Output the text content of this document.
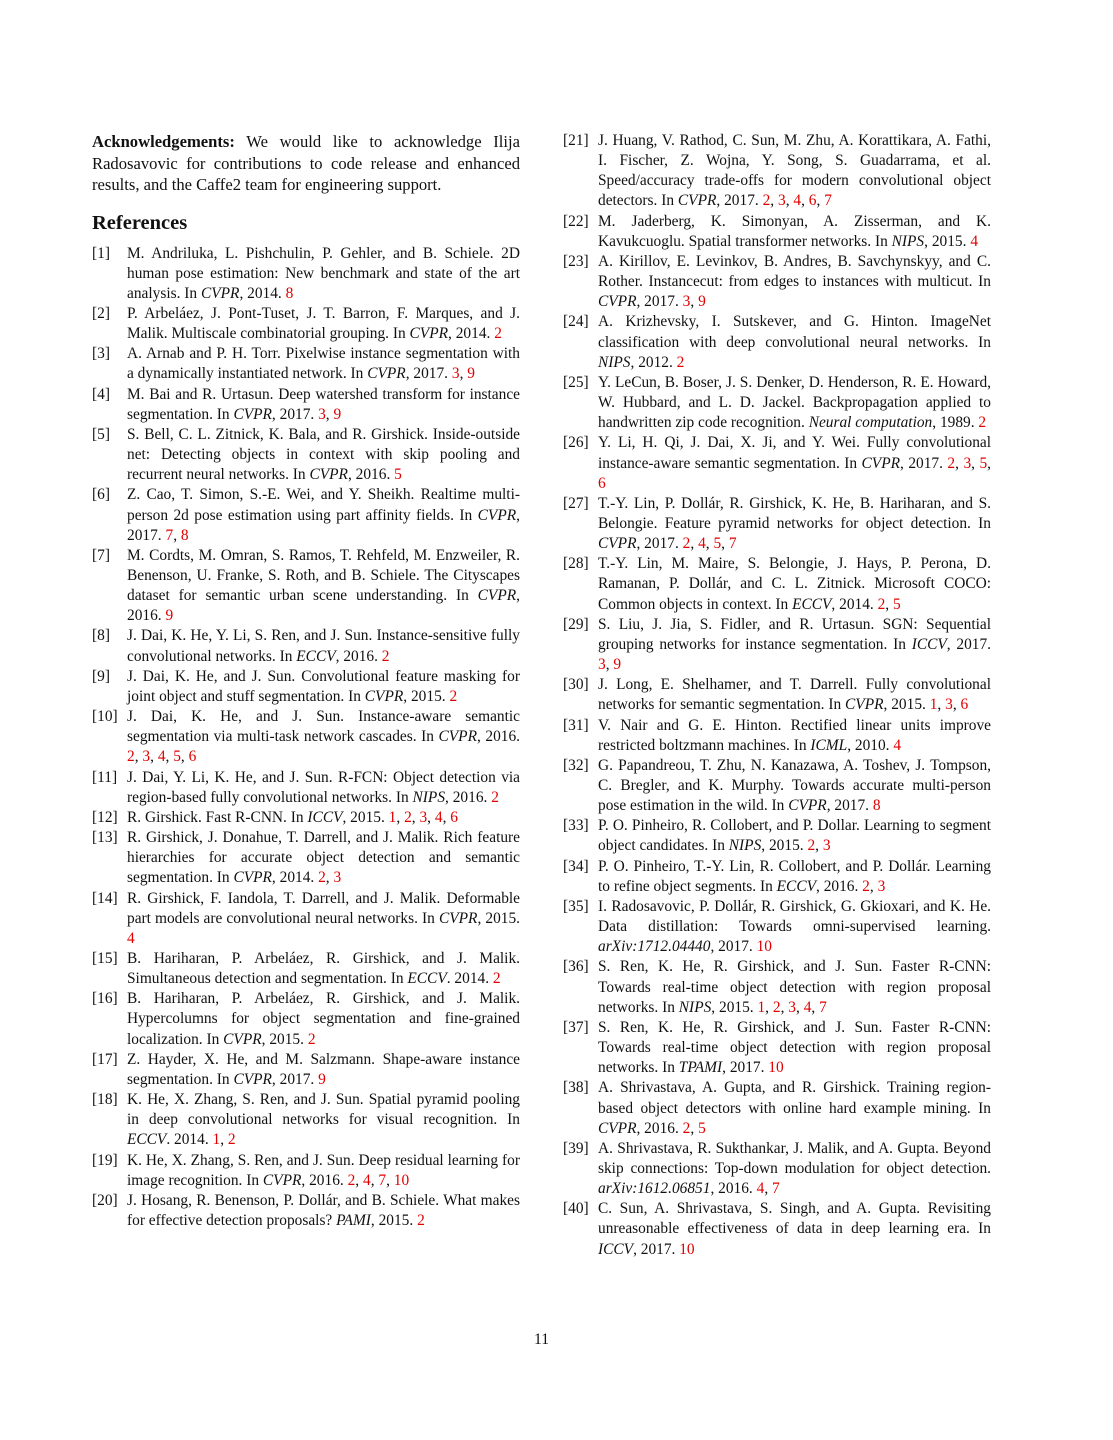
Acknowledgements: We would like to acknowledge Ilija Radosavovic for contributions to code release and enhanced results, and the Caffe2 team for engineering support.

References
[1] M. Andriluka, L. Pishchulin, P. Gehler, and B. Schiele. 2D human pose estimation: New benchmark and state of the art analysis. In CVPR, 2014. 8
[2] P. Arbeláez, J. Pont-Tuset, J. T. Barron, F. Marques, and J. Malik. Multiscale combinatorial grouping. In CVPR, 2014. 2
[3] A. Arnab and P. H. Torr. Pixelwise instance segmentation with a dynamically instantiated network. In CVPR, 2017. 3, 9
[4] M. Bai and R. Urtasun. Deep watershed transform for instance segmentation. In CVPR, 2017. 3, 9
[5] S. Bell, C. L. Zitnick, K. Bala, and R. Girshick. Inside-outside net: Detecting objects in context with skip pooling and recurrent neural networks. In CVPR, 2016. 5
[6] Z. Cao, T. Simon, S.-E. Wei, and Y. Sheikh. Realtime multi-person 2d pose estimation using part affinity fields. In CVPR, 2017. 7, 8
[7] M. Cordts, M. Omran, S. Ramos, T. Rehfeld, M. Enzweiler, R. Benenson, U. Franke, S. Roth, and B. Schiele. The Cityscapes dataset for semantic urban scene understanding. In CVPR, 2016. 9
[8] J. Dai, K. He, Y. Li, S. Ren, and J. Sun. Instance-sensitive fully convolutional networks. In ECCV, 2016. 2
[9] J. Dai, K. He, and J. Sun. Convolutional feature masking for joint object and stuff segmentation. In CVPR, 2015. 2
[10] J. Dai, K. He, and J. Sun. Instance-aware semantic segmentation via multi-task network cascades. In CVPR, 2016. 2, 3, 4, 5, 6
[11] J. Dai, Y. Li, K. He, and J. Sun. R-FCN: Object detection via region-based fully convolutional networks. In NIPS, 2016. 2
[12] R. Girshick. Fast R-CNN. In ICCV, 2015. 1, 2, 3, 4, 6
[13] R. Girshick, J. Donahue, T. Darrell, and J. Malik. Rich feature hierarchies for accurate object detection and semantic segmentation. In CVPR, 2014. 2, 3
[14] R. Girshick, F. Iandola, T. Darrell, and J. Malik. Deformable part models are convolutional neural networks. In CVPR, 2015. 4
[15] B. Hariharan, P. Arbeláez, R. Girshick, and J. Malik. Simultaneous detection and segmentation. In ECCV. 2014. 2
[16] B. Hariharan, P. Arbeláez, R. Girshick, and J. Malik. Hypercolumns for object segmentation and fine-grained localization. In CVPR, 2015. 2
[17] Z. Hayder, X. He, and M. Salzmann. Shape-aware instance segmentation. In CVPR, 2017. 9
[18] K. He, X. Zhang, S. Ren, and J. Sun. Spatial pyramid pooling in deep convolutional networks for visual recognition. In ECCV. 2014. 1, 2
[19] K. He, X. Zhang, S. Ren, and J. Sun. Deep residual learning for image recognition. In CVPR, 2016. 2, 4, 7, 10
[20] J. Hosang, R. Benenson, P. Dollár, and B. Schiele. What makes for effective detection proposals? PAMI, 2015. 2
[21] J. Huang, V. Rathod, C. Sun, M. Zhu, A. Korattikara, A. Fathi, I. Fischer, Z. Wojna, Y. Song, S. Guadarrama, et al. Speed/accuracy trade-offs for modern convolutional object detectors. In CVPR, 2017. 2, 3, 4, 6, 7
[22] M. Jaderberg, K. Simonyan, A. Zisserman, and K. Kavukcuoglu. Spatial transformer networks. In NIPS, 2015. 4
[23] A. Kirillov, E. Levinkov, B. Andres, B. Savchynskyy, and C. Rother. Instancecut: from edges to instances with multicut. In CVPR, 2017. 3, 9
[24] A. Krizhevsky, I. Sutskever, and G. Hinton. ImageNet classification with deep convolutional neural networks. In NIPS, 2012. 2
[25] Y. LeCun, B. Boser, J. S. Denker, D. Henderson, R. E. Howard, W. Hubbard, and L. D. Jackel. Backpropagation applied to handwritten zip code recognition. Neural computation, 1989. 2
[26] Y. Li, H. Qi, J. Dai, X. Ji, and Y. Wei. Fully convolutional instance-aware semantic segmentation. In CVPR, 2017. 2, 3, 5, 6
[27] T.-Y. Lin, P. Dollár, R. Girshick, K. He, B. Hariharan, and S. Belongie. Feature pyramid networks for object detection. In CVPR, 2017. 2, 4, 5, 7
[28] T.-Y. Lin, M. Maire, S. Belongie, J. Hays, P. Perona, D. Ramanan, P. Dollár, and C. L. Zitnick. Microsoft COCO: Common objects in context. In ECCV, 2014. 2, 5
[29] S. Liu, J. Jia, S. Fidler, and R. Urtasun. SGN: Sequential grouping networks for instance segmentation. In ICCV, 2017. 3, 9
[30] J. Long, E. Shelhamer, and T. Darrell. Fully convolutional networks for semantic segmentation. In CVPR, 2015. 1, 3, 6
[31] V. Nair and G. E. Hinton. Rectified linear units improve restricted boltzmann machines. In ICML, 2010. 4
[32] G. Papandreou, T. Zhu, N. Kanazawa, A. Toshev, J. Tompson, C. Bregler, and K. Murphy. Towards accurate multi-person pose estimation in the wild. In CVPR, 2017. 8
[33] P. O. Pinheiro, R. Collobert, and P. Dollar. Learning to segment object candidates. In NIPS, 2015. 2, 3
[34] P. O. Pinheiro, T.-Y. Lin, R. Collobert, and P. Dollár. Learning to refine object segments. In ECCV, 2016. 2, 3
[35] I. Radosavovic, P. Dollár, R. Girshick, G. Gkioxari, and K. He. Data distillation: Towards omni-supervised learning. arXiv:1712.04440, 2017. 10
[36] S. Ren, K. He, R. Girshick, and J. Sun. Faster R-CNN: Towards real-time object detection with region proposal networks. In NIPS, 2015. 1, 2, 3, 4, 7
[37] S. Ren, K. He, R. Girshick, and J. Sun. Faster R-CNN: Towards real-time object detection with region proposal networks. In TPAMI, 2017. 10
[38] A. Shrivastava, A. Gupta, and R. Girshick. Training region-based object detectors with online hard example mining. In CVPR, 2016. 2, 5
[39] A. Shrivastava, R. Sukthankar, J. Malik, and A. Gupta. Beyond skip connections: Top-down modulation for object detection. arXiv:1612.06851, 2016. 4, 7
[40] C. Sun, A. Shrivastava, S. Singh, and A. Gupta. Revisiting unreasonable effectiveness of data in deep learning era. In ICCV, 2017. 10
11
